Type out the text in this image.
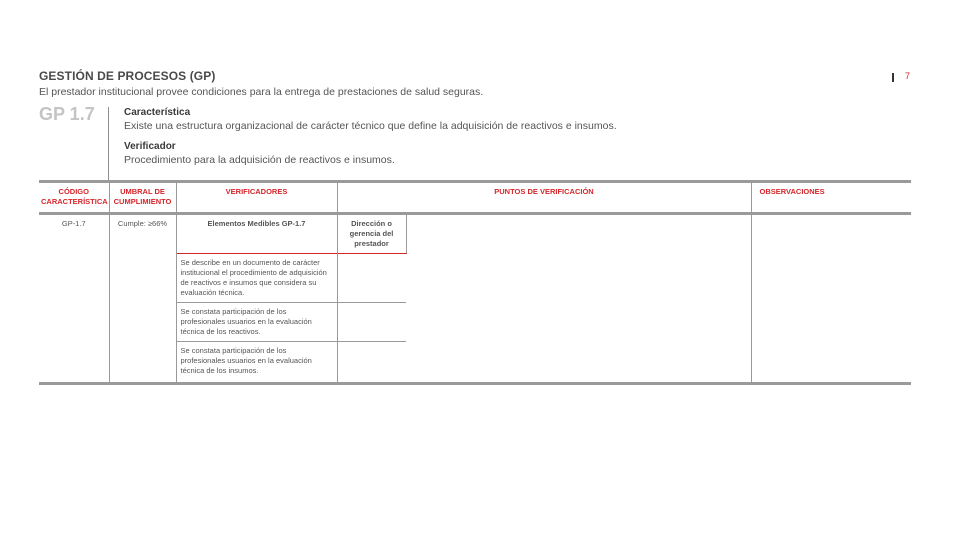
GESTIÓN DE PROCESOS (GP)
El prestador institucional provee condiciones para la entrega de prestaciones de salud seguras.
7
GP 1.7	Característica
Existe una estructura organizacional de carácter técnico que define la adquisición de reactivos e insumos.
Verificador
Procedimiento para la adquisición de reactivos e insumos.
CÓDIGO CARACTERÍSTICA	UMBRAL DE CUMPLIMIENTO	VERIFICADORES	PUNTOS DE VERIFICACIÓN		OBSERVACIONES
GP-1.7	Cumple: ≥66%	Elementos Medibles GP-1.7	Dirección o gerencia del prestador		
		Se describe en un documento de carácter institucional el procedimiento de adquisición de reactivos e insumos que considera su evaluación técnica.			
		Se constata participación de los profesionales usuarios en la evaluación técnica de los reactivos.			
		Se constata participación de los profesionales usuarios en la evaluación técnica de los insumos.			
